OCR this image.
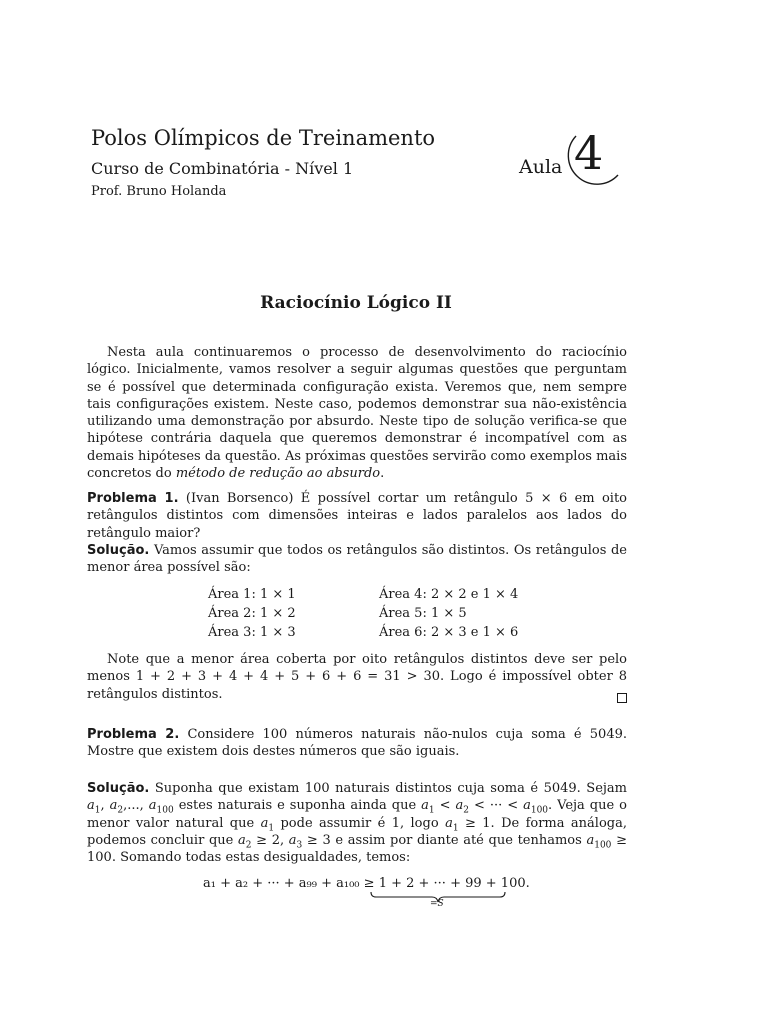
Polos Olímpicos de Treinamento
Curso de Combinatória - Nível 1
Prof. Bruno Holanda
Aula 4
Raciocínio Lógico II

Nesta aula continuaremos o processo de desenvolvimento do raciocínio lógico. Inicialmente, vamos resolver a seguir algumas questões que perguntam se é possível que determinada configuração exista. Veremos que, nem sempre tais configurações existem. Neste caso, podemos demonstrar sua não-existência utilizando uma demonstração por absurdo. Neste tipo de solução verifica-se que hipótese contrária daquela que queremos demonstrar é incompatível com as demais hipóteses da questão. As próximas questões servirão como exemplos mais concretos do método de redução ao absurdo.

Problema 1. (Ivan Borsenco) É possível cortar um retângulo 5 × 6 em oito retângulos distintos com dimensões inteiras e lados paralelos aos lados do retângulo maior?

Solução. Vamos assumir que todos os retângulos são distintos. Os retângulos de menor área possível são:

Área 1: 1 × 1
Área 2: 1 × 2
Área 3: 1 × 3
Área 4: 2 × 2 e 1 × 4
Área 5: 1 × 5
Área 6: 2 × 3 e 1 × 6

Note que a menor área coberta por oito retângulos distintos deve ser pelo menos 1 + 2 + 3 + 4 + 4 + 5 + 6 + 6 = 31 > 30. Logo é impossível obter 8 retângulos distintos.

Problema 2. Considere 100 números naturais não-nulos cuja soma é 5049. Mostre que existem dois destes números que são iguais.

Solução. Suponha que existam 100 naturais distintos cuja soma é 5049. Sejam $a_1$, $a_2$,..., $a_{100}$ estes naturais e suponha ainda que $a_1 < a_2$ < ··· < $a_{100}$. Veja que o menor valor natural que $a_1$ pode assumir é 1, logo $a_1 \ge 1$. De forma análoga, podemos concluir que $a_2 \ge 2$, $a_3 \ge 3$ e assim por diante até que tenhamos $a_{100} \ge 100$. Somando todas estas desigualdades, temos:

a₁ + a₂ + ··· + a₉₉ + a₁₀₀ ≥ 1 + 2 + ··· + 99 + 100.
=S
